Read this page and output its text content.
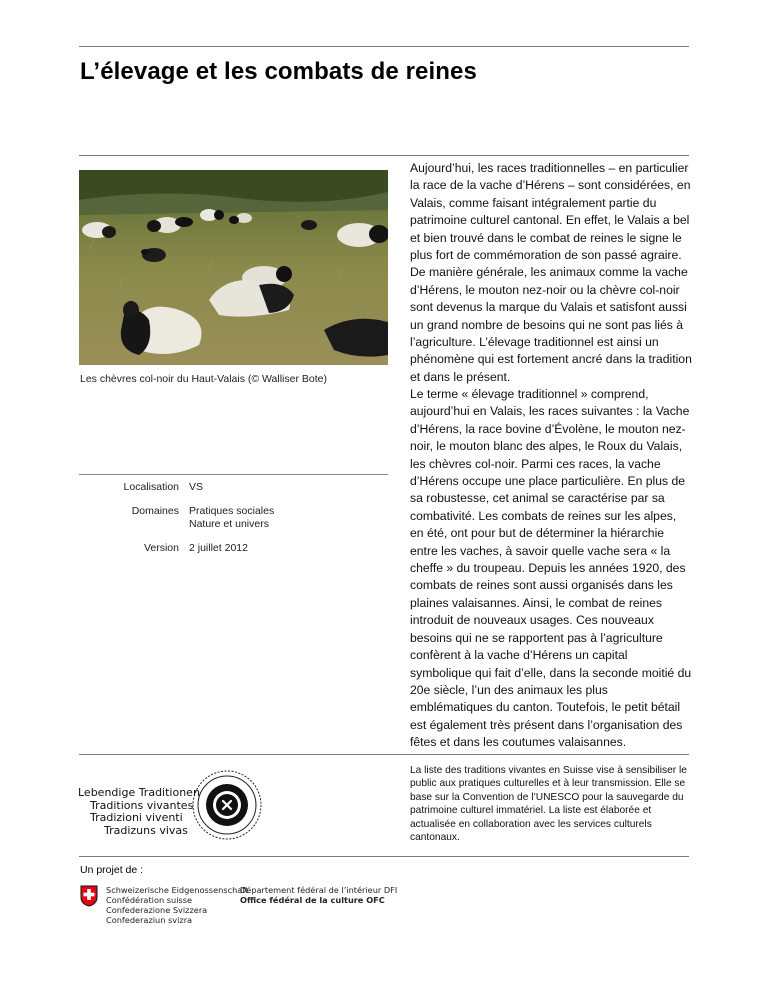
L’élevage et les combats de reines
Les chèvres col-noir du Haut-Valais (© Walliser Bote)
Localisation VS
Domaines Pratiques sociales
Nature et univers
Version 2 juillet 2012

Aujourd’hui, les races traditionnelles – en particulier la race de la vache d’Hérens – sont considérées, en Valais, comme faisant intégralement partie du patrimoine culturel cantonal. En effet, le Valais a bel et bien trouvé dans le combat de reines le signe le plus fort de commémoration de son passé agraire. De manière générale, les animaux comme la vache d’Hérens, le mouton nez-noir ou la chèvre col-noir sont devenus la marque du Valais et satisfont aussi un grand nombre de besoins qui ne sont pas liés à l’agriculture. L’élevage traditionnel est ainsi un phénomène qui est fortement ancré dans la tradition et dans le présent.

Le terme « élevage traditionnel » comprend, aujourd’hui en Valais, les races suivantes : la Vache d’Hérens, la race bovine d’Évolène, le mouton nez-noir, le mouton blanc des alpes, le Roux du Valais, les chèvres col-noir. Parmi ces races, la vache d’Hérens occupe une place particulière. En plus de sa robustesse, cet animal se caractérise par sa combativité. Les combats de reines sur les alpes, en été, ont pour but de déterminer la hiérarchie entre les vaches, à savoir quelle vache sera « la cheffe » du troupeau. Depuis les années 1920, des combats de reines sont aussi organisés dans les plaines valaisannes. Ainsi, le combat de reines introduit de nouveaux usages. Ces nouveaux besoins qui ne se rapportent pas à l’agriculture confèrent à la vache d’Hérens un capital symbolique qui fait d’elle, dans la seconde moitié du 20e siècle, l’un des animaux les plus emblématiques du canton. Toutefois, le petit bétail est également très présent dans l’organisation des fêtes et dans les coutumes valaisannes.

Lebendige Traditionen
Traditions vivantes
Tradizioni viventi
Tradizuns vivas
La liste des traditions vivantes en Suisse vise à sensibiliser le public aux pratiques culturelles et à leur transmission. Elle se base sur la Convention de l’UNESCO pour la sauvegarde du patrimoine culturel immatériel. La liste est élaborée et actualisée en collaboration avec les services culturels cantonaux.
Un projet de :
Schweizerische Eidgenossenschaft
Confédération suisse
Confederazione Svizzera
Confederaziun svizra
Département fédéral de l’intérieur DFI
Office fédéral de la culture OFC
